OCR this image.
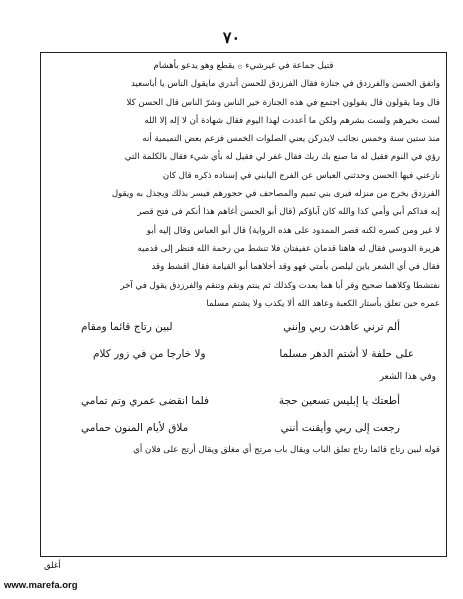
٧٠
قتيل جماعة في غيرشيء ۞ يقطع وهو يدعو بأهشام
واتفق الحسن والفرزدق في جنازة فقال الفرزدق للحسن أتدري مايقول الناس يا أباسعيد
قال وما يقولون قال يقولون اجتمع في هذه الجنازة خير الناس وشرّ الناس قال الحسن كلا
لست بخيرهم ولست بشرهم ولكن ما أعددت لهذا اليوم فقال شهادة أن لا إله إلا الله
منذ ستين سنة وخمس نجائب لايدركن يعني الصلوات الخمس فزعم بعض التميمية أنه
رؤي في النوم فقيل له ما صنع بك ربك فقال غفر لي فقيل له بأي شيء فقال بالكلمة التي
نازعني فيها الحسن وحدثني العباس عن الفرج اليابني في إسناده ذكره قال كان
الفرزدق يخرج من منزله فيرى بني تميم والمصاحف في حجورهم فيسر بذلك ويجذل به ويقول
إيه فداكم أبي وأمي كذا والله كان آباؤكم (قال أبو الحسن أغاهم هذا أنكم فى فتح قصر
لا غير ومن كسره لكنه قصر الممدود على هذه الرواية) قال أبو العباس وقال إليه أبو
هريرة الدوسي فقال له هاهنا قدمان عفيفتان فلا تنشط من رحمة الله فنظر إلى قدميه
فقال في أي الشعر ياين ليلصن بأمتي فهو وقد أخلاهما أبو القيامة فقال اقشط وقد
نفتشطا وكلاهما صحيح وقر أبا هما بعدت وكذلك ثم ينتم ونقم وتنقم والفرزدق يقول في آخر
عمره حين تعلق بأستار الكعبة وعاهد الله ألا يكذب ولا يشتم مسلما
ألم ترني عاهدت ربي وإنني
لبين رتاج قائما ومقام
على حلفة لا أشتم الدهر مسلما
ولا خارجا من في زور كلام
وفي هذا الشعر
أطعتك يا إبليس تسعين حجة
فلما انقضى عمري وتم تمامي
رجعت إلى ربي وأيقنت أنني
ملاق لأيام المنون حمامي
قوله لبين رتاج قائما رتاج تعلق الباب ويقال باب مرتج أي مغلق ويقال أرتج على فلان أي
أغلق
www.marefa.org
